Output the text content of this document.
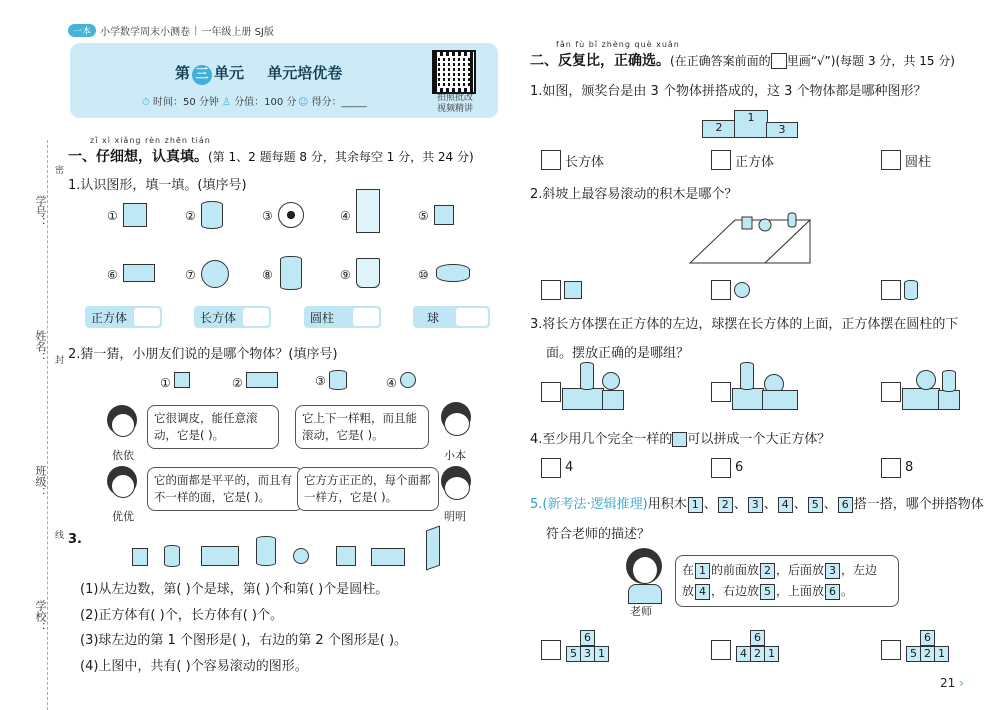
一本 小学数学周末小测卷 | 一年级上册 SJ版
第 三 单元 单元培优卷
⏱ 时间：50 分钟 ♙ 分值：100 分 ☺ 得分：_____	拍照批改
视频精讲
学号：
密
姓名： 封
班级：
线
学校：
zǐ xì xiǎng rèn zhēn tián
一、仔细想，认真填。(第 1、2 题每题 8 分，其余每空 1 分，共 24 分)
1.认识图形，填一填。(填序号)
①	②	③	④	⑤
⑥	⑦	⑧	⑨	⑩
正方体	长方体	圆柱	球
2.猜一猜，小朋友们说的是哪个物体？(填序号)
①	②	③	④
依依
它很调皮，能任意滚动，它是( )。
它上下一样粗，而且能滚动，它是( )。
小本
优优
它的面都是平平的，而且有不一样的面，它是( )。
它方方正正的，每个面都一样方，它是( )。
明明
3.
(1)从左边数，第( )个是球，第( )个和第( )个是圆柱。
(2)正方体有( )个，长方体有( )个。
(3)球左边的第 1 个图形是( )，右边的第 2 个图形是( )。
(4)上图中，共有( )个容易滚动的图形。
fǎn fù bǐ zhèng què xuǎn
二、反复比，正确选。(在正确答案前面的 里画“√”)(每题 3 分，共 15 分)
1.如图，颁奖台是由 3 个物体拼搭成的，这 3 个物体都是哪种图形？
2
1
3
长方体	正方体	圆柱
2.斜坡上最容易滚动的积木是哪个？
3.将长方体摆在正方体的左边，球摆在长方体的上面，正方体摆在圆柱的下
面。摆放正确的是哪组？
4.至少用几个完全一样的 可以拼成一个大正方体？
4	6	8
5.(新考法·逻辑推理)用积木 1 、 2 、 3 、 4 、 5 、 6 搭一搭，哪个拼搭物体
符合老师的描述？
老师
在 1 的前面放 2 ，后面放 3 ，左边
放 4 ，右边放 5 ，上面放 6 。
6
5 3 1
6
4 2 1
6
5 2 1
21 ›
